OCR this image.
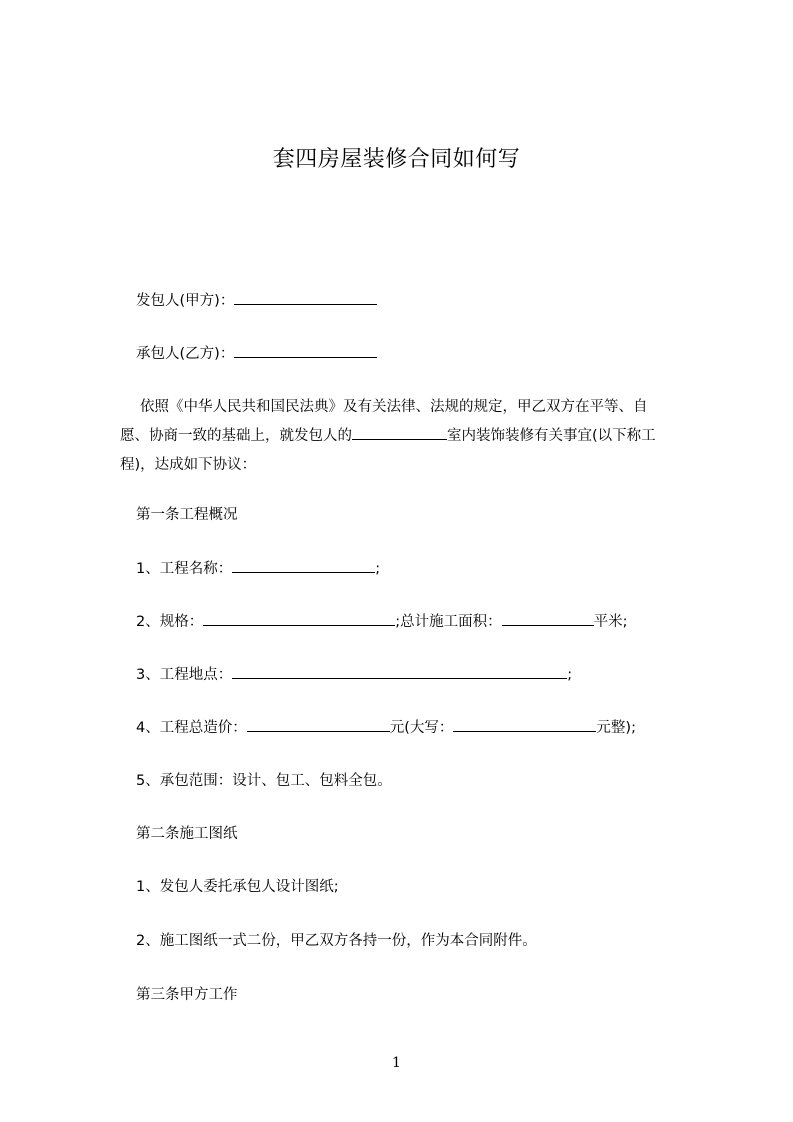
套四房屋装修合同如何写
发包人(甲方)：
承包人(乙方)：
依照《中华人民共和国民法典》及有关法律、法规的规定，甲乙双方在平等、自
愿、协商一致的基础上，就发包人的	室内装饰装修有关事宜(以下称工
程)，达成如下协议：
第一条工程概况
1、工程名称：	;
2、规格：	;总计施工面积：	平米;
3、工程地点：	;
4、工程总造价：	元(大写：	元整);
5、承包范围：设计、包工、包料全包。
第二条施工图纸
1、发包人委托承包人设计图纸;
2、施工图纸一式二份，甲乙双方各持一份，作为本合同附件。
第三条甲方工作
1
